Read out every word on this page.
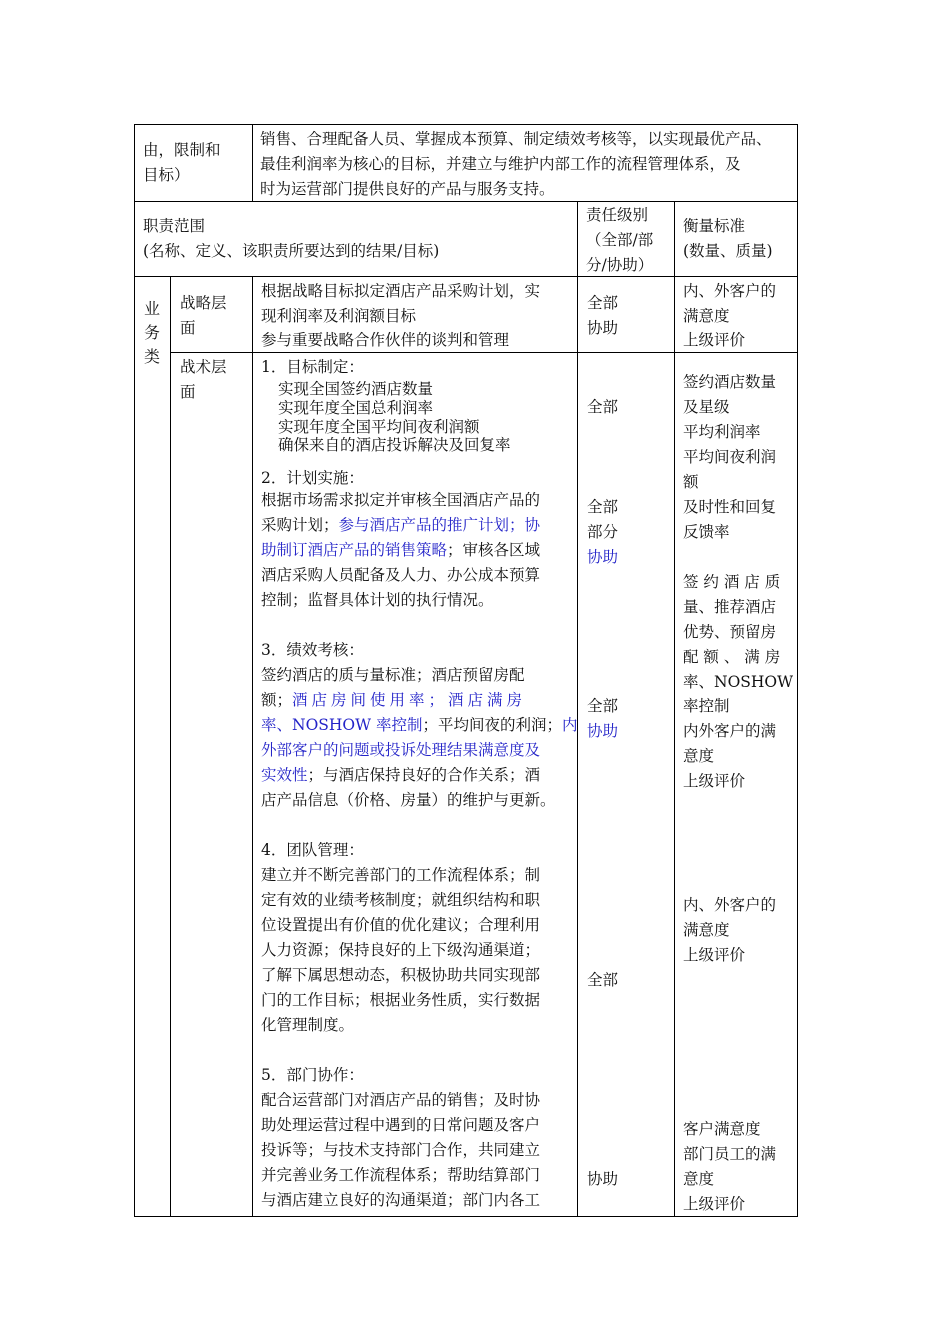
由，限制和
目标）
销售、合理配备人员、掌握成本预算、制定绩效考核等，以实现最优产品、
最佳利润率为核心的目标，并建立与维护内部工作的流程管理体系，及
时为运营部门提供良好的产品与服务支持。
职责范围
(名称、定义、该职责所要达到的结果/目标)
责任级别
（全部/部
分/协助）
衡量标准
(数量、质量)
业
务
类
战略层
面
根据战略目标拟定酒店产品采购计划，实
现利润率及利润额目标
参与重要战略合作伙伴的谈判和管理
全部
协助
内、外客户的
满意度
上级评价
战术层
面
1．目标制定：
实现全国签约酒店数量
实现年度全国总利润率
实现年度全国平均间夜利润额
确保来自的酒店投诉解决及回复率
2．计划实施：
根据市场需求拟定并审核全国酒店产品的
采购计划；参与酒店产品的推广计划；协
助制订酒店产品的销售策略；审核各区域
酒店采购人员配备及人力、办公成本预算
控制；监督具体计划的执行情况。
3．绩效考核：
签约酒店的质与量标准；酒店预留房配
额；酒店房间使用率；酒店满房
率、NOSHOW 率控制；平均间夜的利润；内
外部客户的问题或投诉处理结果满意度及
实效性；与酒店保持良好的合作关系；酒
店产品信息（价格、房量）的维护与更新。
4．团队管理：
建立并不断完善部门的工作流程体系；制
定有效的业绩考核制度；就组织结构和职
位设置提出有价值的优化建议；合理利用
人力资源；保持良好的上下级沟通渠道；
了解下属思想动态，积极协助共同实现部
门的工作目标；根据业务性质，实行数据
化管理制度。
5．部门协作：
配合运营部门对酒店产品的销售；及时协
助处理运营过程中遇到的日常问题及客户
投诉等；与技术支持部门合作，共同建立
并完善业务工作流程体系；帮助结算部门
与酒店建立良好的沟通渠道；部门内各工
全部
全部
部分
协助
全部
协助
全部
协助
签约酒店数量
及星级
平均利润率
平均间夜利润
额
及时性和回复
反馈率
签 约 酒 店 质
量、推荐酒店
优势、预留房
配 额 、 满 房
率、NOSHOW
率控制
内外客户的满
意度
上级评价
内、外客户的
满意度
上级评价
客户满意度
部门员工的满
意度
上级评价
